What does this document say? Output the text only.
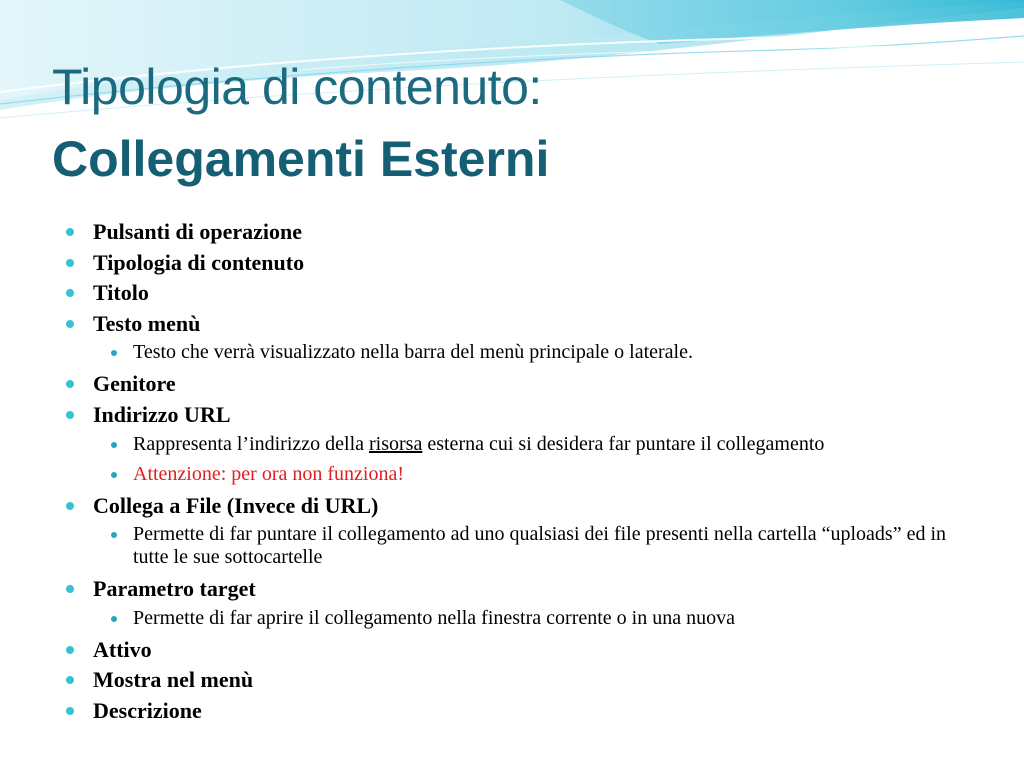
Tipologia di contenuto:
Collegamenti Esterni
Pulsanti di operazione
Tipologia di contenuto
Titolo
Testo menù
Testo che verrà visualizzato nella barra del menù principale o laterale.
Genitore
Indirizzo URL
Rappresenta l’indirizzo della risorsa esterna cui si desidera far puntare il collegamento
Attenzione: per ora non funziona!
Collega a File (Invece di URL)
Permette di far puntare il collegamento ad uno qualsiasi dei file presenti nella cartella “uploads” ed in tutte le sue sottocartelle
Parametro target
Permette di far aprire il collegamento nella finestra corrente o in una nuova
Attivo
Mostra nel menù
Descrizione
